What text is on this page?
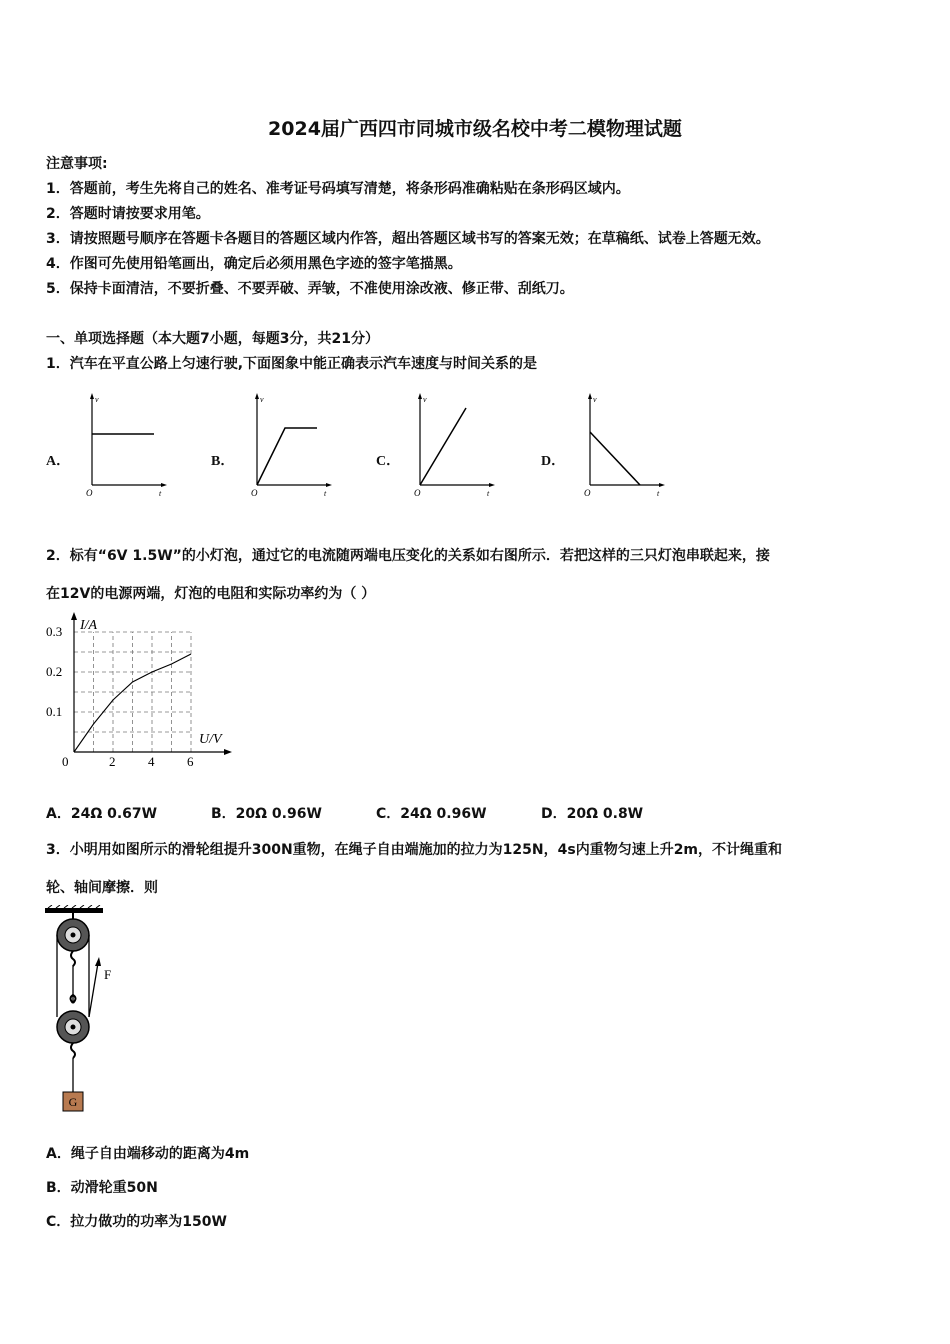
2024届广西四市同城市级名校中考二模物理试题
注意事项:
1．答题前，考生先将自己的姓名、准考证号码填写清楚，将条形码准确粘贴在条形码区域内。
2．答题时请按要求用笔。
3．请按照题号顺序在答题卡各题目的答题区域内作答，超出答题区域书写的答案无效；在草稿纸、试卷上答题无效。
4．作图可先使用铅笔画出，确定后必须用黑色字迹的签字笔描黑。
5．保持卡面清洁，不要折叠、不要弄破、弄皱，不准使用涂改液、修正带、刮纸刀。
一、单项选择题（本大题7小题，每题3分，共21分）
1．汽车在平直公路上匀速行驶,下面图象中能正确表示汽车速度与时间关系的是
A．	B．	C．	D．
v
t
O
v
t
O
v
t
O
v
t
O
2．标有“6V 1.5W”的小灯泡，通过它的电流随两端电压变化的关系如右图所示．若把这样的三只灯泡串联起来，接
在12V的电源两端，灯泡的电阻和实际功率约为（ ）
I/A
U/V
0	2	4	6
0.1
0.2
0.3
A．24Ω 0.67W	B．20Ω 0.96W	C．24Ω 0.96W	D．20Ω 0.8W
3．小明用如图所示的滑轮组提升300N重物，在绳子自由端施加的拉力为125N，4s内重物匀速上升2m，不计绳重和
轮、轴间摩擦．则
F
G
A．绳子自由端移动的距离为4m
B．动滑轮重50N
C．拉力做功的功率为150W
